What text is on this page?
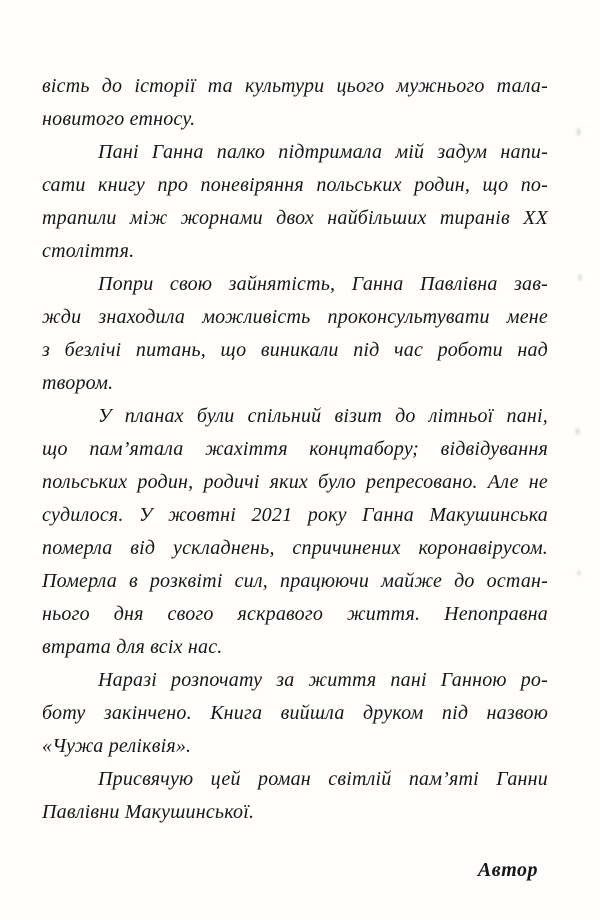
вість до історії та культури цього мужнього тала-
новитого етносу.
Пані Ганна палко підтримала мій задум напи-
сати книгу про поневіряння польських родин, що по-
трапили між жорнами двох найбільших тиранів XX
століття.
Попри свою зайнятість, Ганна Павлівна зав-
жди знаходила можливість проконсультувати мене
з безлічі питань, що виникали під час роботи над
твором.
У планах були спільний візит до літньої пані,
що пам’ятала жахіття концтабору; відвідування
польських родин, родичі яких було репресовано. Але не
судилося. У жовтні 2021 року Ганна Макушинська
померла від ускладнень, спричинених коронавірусом.
Померла в розквіті сил, працюючи майже до остан-
нього дня свого яскравого життя. Непоправна
втрата для всіх нас.
Наразі розпочату за життя пані Ганною ро-
боту закінчено. Книга вийшла друком під назвою
«Чужа реліквія».
Присвячую цей роман світлій пам’яті Ганни
Павлівни Макушинської.
Автор
